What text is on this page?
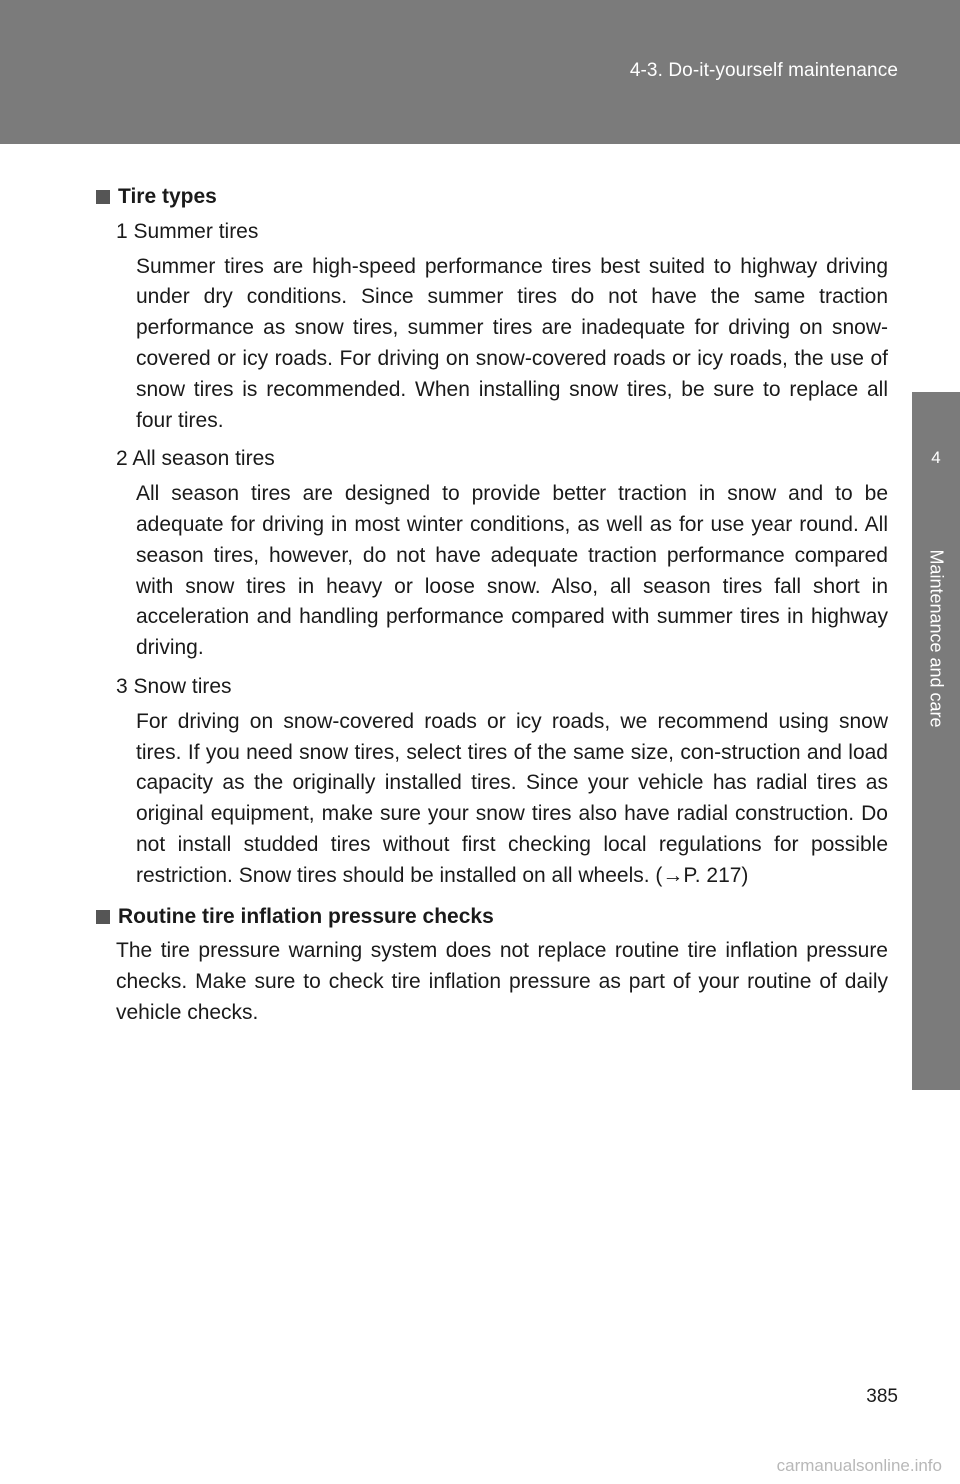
4-3. Do-it-yourself maintenance
4
Maintenance and care
Tire types
1 Summer tires
Summer tires are high-speed performance tires best suited to highway driving under dry conditions. Since summer tires do not have the same traction performance as snow tires, summer tires are inadequate for driving on snow-covered or icy roads. For driving on snow-covered roads or icy roads, the use of snow tires is recommended. When installing snow tires, be sure to replace all four tires.
2 All season tires
All season tires are designed to provide better traction in snow and to be adequate for driving in most winter conditions, as well as for use year round. All season tires, however, do not have adequate traction performance compared with snow tires in heavy or loose snow. Also, all season tires fall short in acceleration and handling performance compared with summer tires in highway driving.
3 Snow tires
For driving on snow-covered roads or icy roads, we recommend using snow tires. If you need snow tires, select tires of the same size, con-struction and load capacity as the originally installed tires. Since your vehicle has radial tires as original equipment, make sure your snow tires also have radial construction. Do not install studded tires without first checking local regulations for possible restriction. Snow tires should be installed on all wheels. (→P. 217)
Routine tire inflation pressure checks
The tire pressure warning system does not replace routine tire inflation pressure checks. Make sure to check tire inflation pressure as part of your routine of daily vehicle checks.
385
carmanualsonline.info
